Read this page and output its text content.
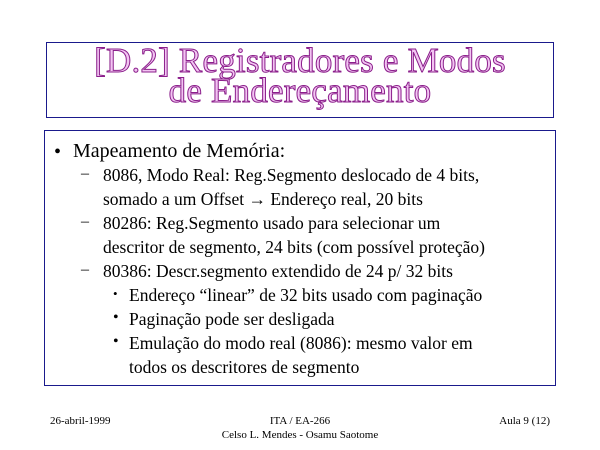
[D.2] Registradores e Modos
de Endereçamento
• Mapeamento de Memória:
– 8086, Modo Real: Reg.Segmento deslocado de 4 bits,
somado a um Offset → Endereço real, 20 bits
– 80286: Reg.Segmento usado para selecionar um
descritor de segmento, 24 bits (com possível proteção)
– 80386: Descr.segmento extendido de 24 p/ 32 bits
• Endereço “linear” de 32 bits usado com paginação
• Paginação pode ser desligada
• Emulação do modo real (8086): mesmo valor em
todos os descritores de segmento
26-abril-1999	ITA / EA-266
Celso L. Mendes - Osamu Saotome
Aula 9 (12)
